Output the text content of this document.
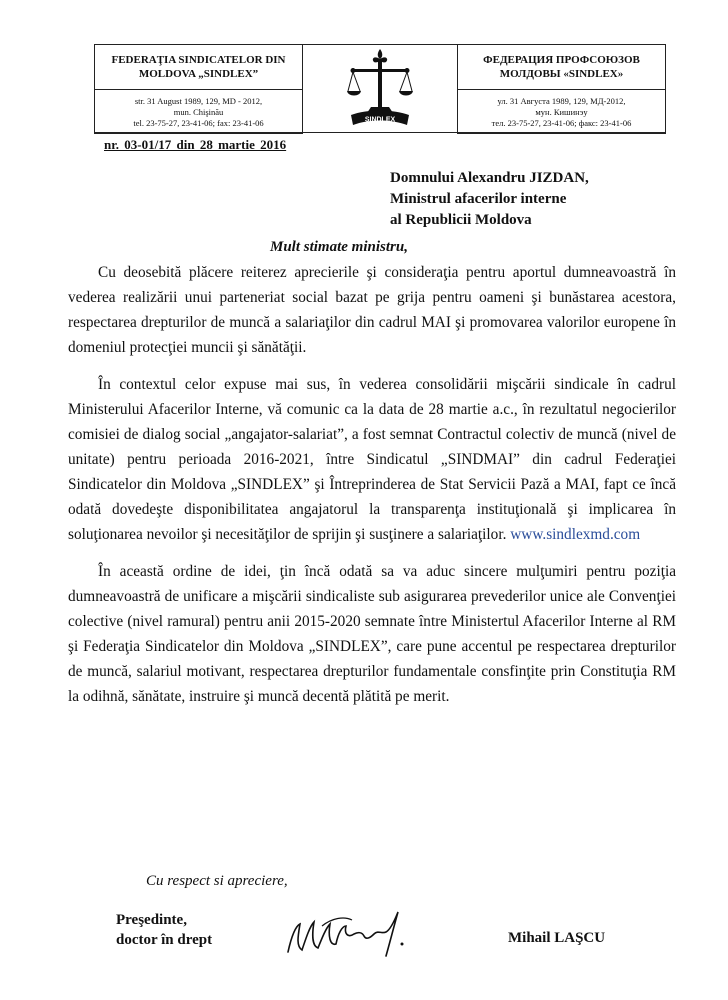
FEDERAŢIA SINDICATELOR DIN
MOLDOVA „SINDLEX”
str. 31 August 1989, 129, MD - 2012,
mun. Chişinău
tel. 23-75-27, 23-41-06; fax: 23-41-06	SINDLEX
ФЕДЕРАЦИЯ ПРОФСОЮЗОВ
МОЛДОВЫ «SINDLEX»
ул. 31 Августа 1989, 129, МД-2012,
мун. Кишинэу
тел. 23-75-27, 23-41-06; факс: 23-41-06
nr. 03-01/17 din 28 martie 2016
Domnului Alexandru JIZDAN,
Ministrul afacerilor interne
al Republicii Moldova
Mult stimate ministru,

Cu deosebită plăcere reiterez aprecierile şi consideraţia pentru aportul dumneavoastră în vederea realizării unui parteneriat social bazat pe grija pentru oameni şi bunăstarea acestora, respectarea drepturilor de muncă a salariaţilor din cadrul MAI şi promovarea valorilor europene în domeniul protecţiei muncii şi sănătăţii.

În contextul celor expuse mai sus, în vederea consolidării mişcării sindicale în cadrul Ministerului Afacerilor Interne, vă comunic ca la data de 28 martie a.c., în rezultatul negocierilor comisiei de dialog social „angajator-salariat”, a fost semnat Contractul colectiv de muncă (nivel de unitate) pentru perioada 2016-2021, între Sindicatul „SINDMAI” din cadrul Federaţiei Sindicatelor din Moldova „SINDLEX” şi Întreprinderea de Stat Servicii Pază a MAI, fapt ce încă odată dovedeşte disponibilitatea angajatorul la transparenţa instituţională şi implicarea în soluţionarea nevoilor şi necesităţilor de sprijin şi susţinere a salariaţilor. www.sindlexmd.com

În această ordine de idei, ţin încă odată sa va aduc sincere mulţumiri pentru poziţia dumneavoastră de unificare a mişcării sindicaliste sub asigurarea prevederilor unice ale Convenţiei colective (nivel ramural) pentru anii 2015-2020 semnate între Ministertul Afacerilor Interne al RM şi Federaţia Sindicatelor din Moldova „SINDLEX”, care pune accentul pe respectarea drepturilor de muncă, salariul motivant, respectarea drepturilor fundamentale consfinţite prin Constituţia RM la odihnă, sănătate, instruire şi muncă decentă plătită pe merit.

Cu respect si apreciere,
Preşedinte,
doctor în drept	Mihail LAŞCU
